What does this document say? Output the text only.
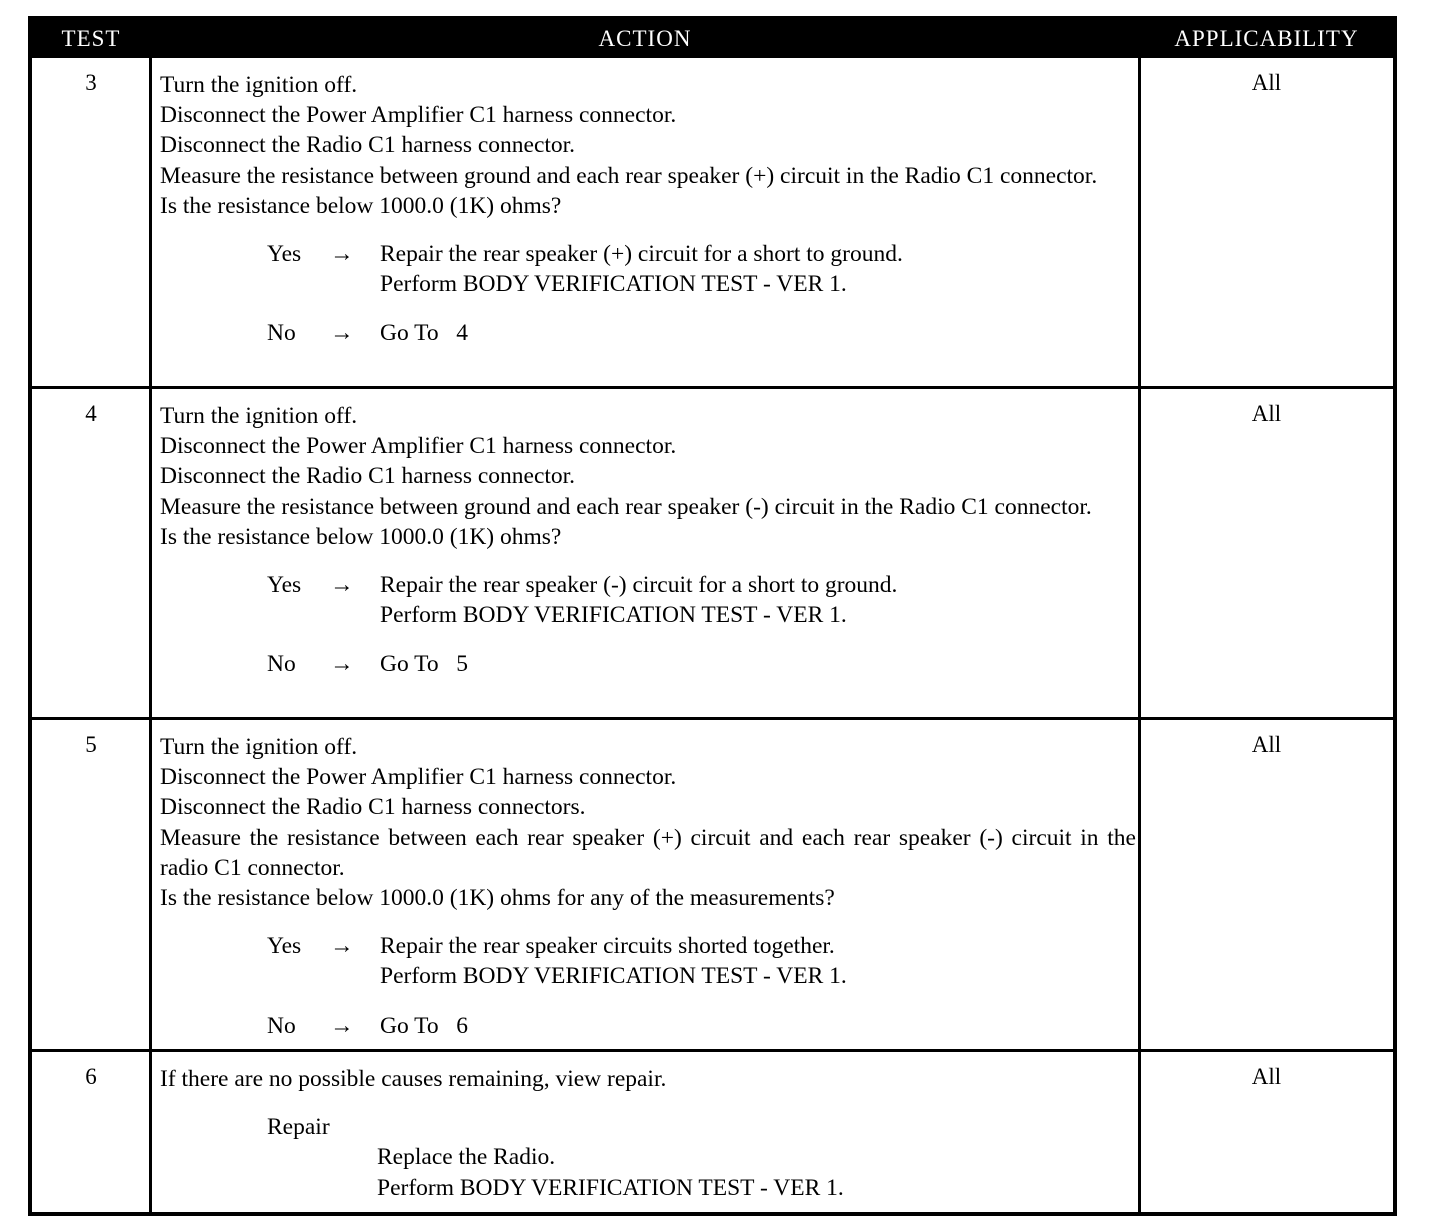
TEST	ACTION	APPLICABILITY
3	Turn the ignition off.

Disconnect the Power Amplifier C1 harness connector.

Disconnect the Radio C1 harness connector.

Measure the resistance between ground and each rear speaker (+) circuit in the Radio C1 connector.

Is the resistance below 1000.0 (1K) ohms?

Yes → Repair the rear speaker (+) circuit for a short to ground.
Perform BODY VERIFICATION TEST - VER 1.
No → Go To   4
All
4	Turn the ignition off.

Disconnect the Power Amplifier C1 harness connector.

Disconnect the Radio C1 harness connector.

Measure the resistance between ground and each rear speaker (-) circuit in the Radio C1 connector.

Is the resistance below 1000.0 (1K) ohms?

Yes → Repair the rear speaker (-) circuit for a short to ground.
Perform BODY VERIFICATION TEST - VER 1.
No → Go To   5
All
5	Turn the ignition off.

Disconnect the Power Amplifier C1 harness connector.

Disconnect the Radio C1 harness connectors.

Measure the resistance between each rear speaker (+) circuit and each rear speaker (-) circuit in the radio C1 connector.

Is the resistance below 1000.0 (1K) ohms for any of the measurements?

Yes → Repair the rear speaker circuits shorted together.
Perform BODY VERIFICATION TEST - VER 1.
No → Go To   6
All
6	If there are no possible causes remaining, view repair.

Repair

Replace the Radio.

Perform BODY VERIFICATION TEST - VER 1.

All
